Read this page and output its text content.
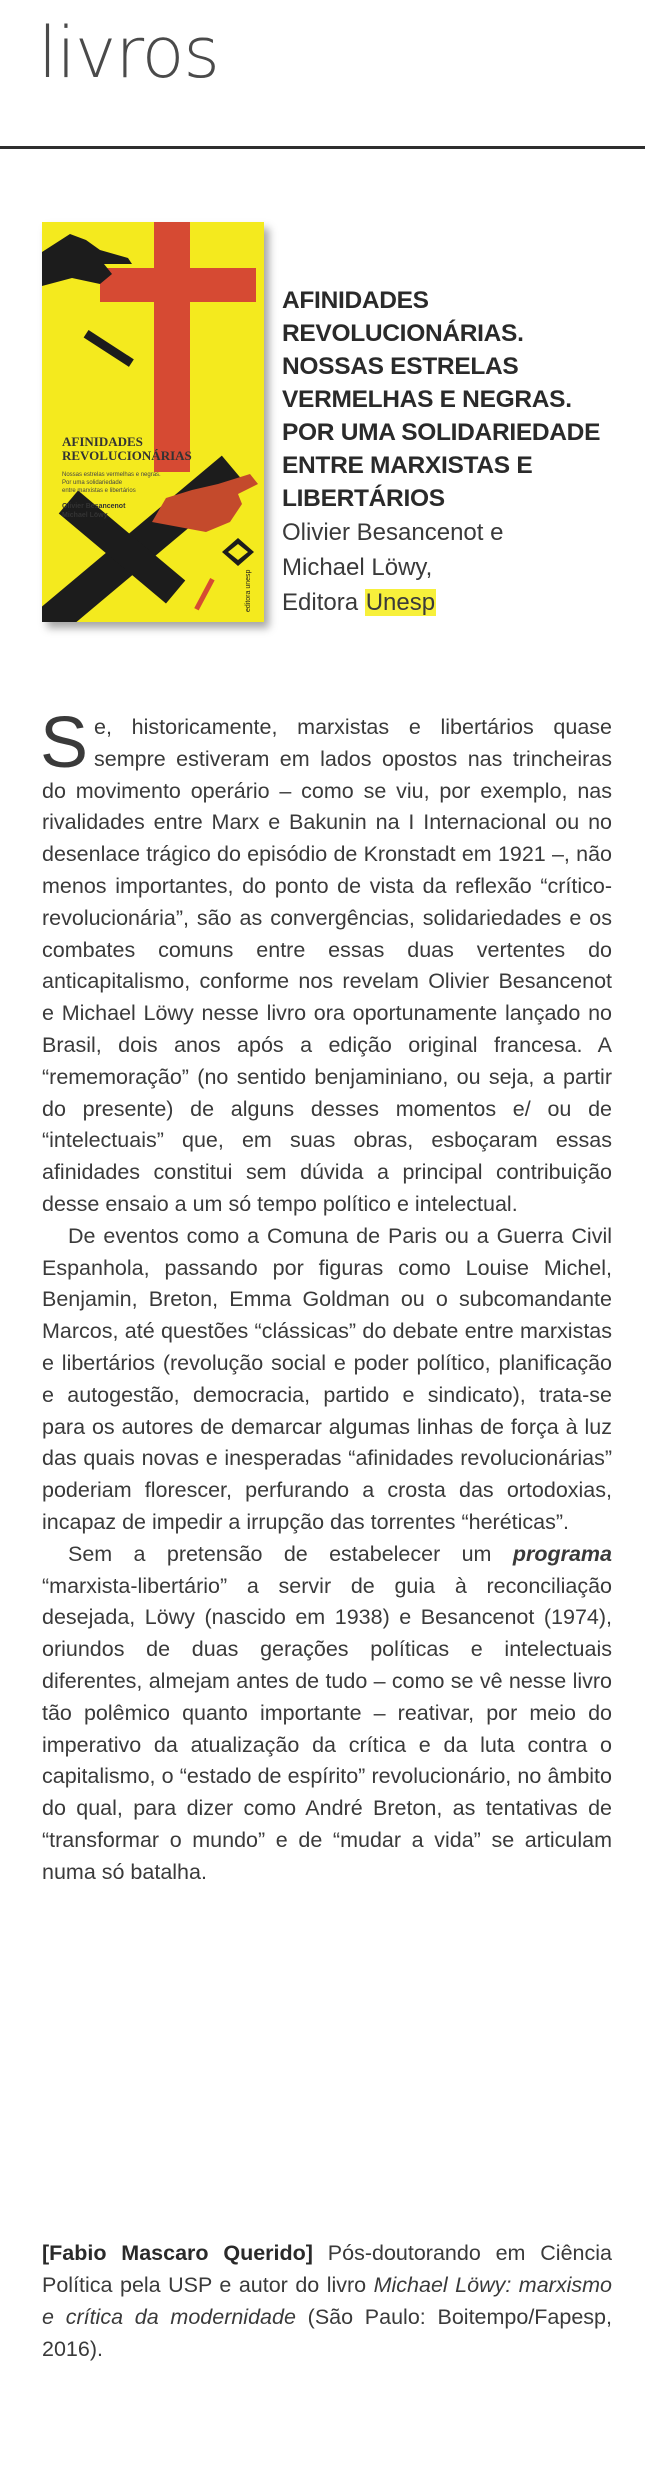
livros
AFINIDADES
REVOLUCIONÁRIAS
Nossas estrelas vermelhas e negras.
Por uma solidariedade
entre marxistas e libertários
Olivier Besancenot
Michael Löwy
editora unesp

AFINIDADES REVOLUCIONÁRIAS. NOSSAS ESTRELAS VERMELHAS E NEGRAS. POR UMA SOLIDARIEDADE ENTRE MARXISTAS E LIBERTÁRIOS

Olivier Besancenot e
Michael Löwy,
Editora Unesp

Se, historicamente, marxistas e libertários quase sempre estiveram em lados opostos nas trincheiras do movimento operário – como se viu, por exemplo, nas rivalidades entre Marx e Bakunin na I Internacional ou no desenlace trágico do episódio de Kronstadt em 1921 –, não menos importantes, do ponto de vista da reflexão “crítico-revolucionária”, são as convergências, solidariedades e os combates comuns entre essas duas vertentes do anticapitalismo, conforme nos revelam Olivier Besancenot e Michael Löwy nesse livro ora oportunamente lançado no Brasil, dois anos após a edição original francesa. A “rememoração” (no sentido benjaminiano, ou seja, a partir do presente) de alguns desses momentos e/ ou de “intelectuais” que, em suas obras, esboçaram essas afinidades constitui sem dúvida a principal contribuição desse ensaio a um só tempo político e intelectual.

De eventos como a Comuna de Paris ou a Guerra Civil Espanhola, passando por figuras como Louise Michel, Benjamin, Breton, Emma Goldman ou o subcomandante Marcos, até questões “clássicas” do debate entre marxistas e libertários (revolução social e poder político, planificação e autogestão, democracia, partido e sindicato), trata-se para os autores de demarcar algumas linhas de força à luz das quais novas e inesperadas “afinidades revolucionárias” poderiam florescer, perfurando a crosta das ortodoxias, incapaz de impedir a irrupção das torrentes “heréticas”.

Sem a pretensão de estabelecer um programa “marxista-libertário” a servir de guia à reconciliação desejada, Löwy (nascido em 1938) e Besancenot (1974), oriundos de duas gerações políticas e intelectuais diferentes, almejam antes de tudo – como se vê nesse livro tão polêmico quanto importante – reativar, por meio do imperativo da atualização da crítica e da luta contra o capitalismo, o “estado de espírito” revolucionário, no âmbito do qual, para dizer como André Breton, as tentativas de “transformar o mundo” e de “mudar a vida” se articulam numa só batalha.

[Fabio Mascaro Querido] Pós-doutorando em Ciência Política pela USP e autor do livro Michael Löwy: marxismo e crítica da modernidade (São Paulo: Boitempo/Fapesp, 2016).
